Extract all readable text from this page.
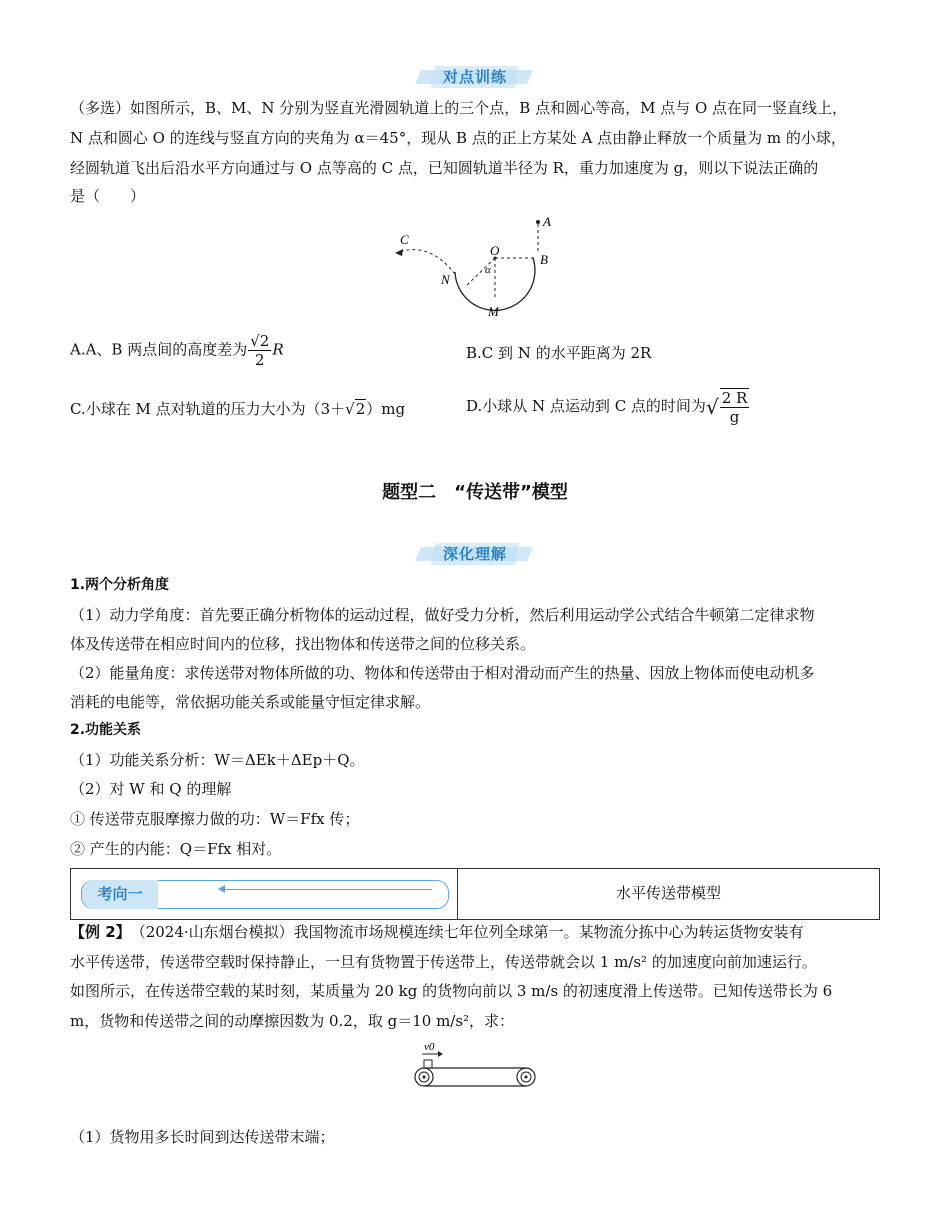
对点训练
（多选）如图所示，B、M、N 分别为竖直光滑圆轨道上的三个点，B 点和圆心等高，M 点与 O 点在同一竖直线上，
N 点和圆心 O 的连线与竖直方向的夹角为 α＝45°，现从 B 点的正上方某处 A 点由静止释放一个质量为 m 的小球，
经圆轨道飞出后沿水平方向通过与 O 点等高的 C 点，已知圆轨道半径为 R，重力加速度为 g，则以下说法正确的
是（　　）
A
B
C
O
N
M
α
A.A、B 两点间的高度差为 $\frac{√2}{2}$ R	B.C 到 N 的水平距离为 2R
C.小球在 M 点对轨道的压力大小为（3＋√2）mg	D.小球从 N 点运动到 C 点的时间为√ $\frac{2 R}{g}$
题型二　“传送带”模型
深化理解
1.两个分析角度
（1）动力学角度：首先要正确分析物体的运动过程，做好受力分析，然后利用运动学公式结合牛顿第二定律求物
体及传送带在相应时间内的位移，找出物体和传送带之间的位移关系。
（2）能量角度：求传送带对物体所做的功、物体和传送带由于相对滑动而产生的热量、因放上物体而使电动机多
消耗的电能等，常依据功能关系或能量守恒定律求解。
2.功能关系
（1）功能关系分析：W＝ΔEk＋ΔEp＋Q。
（2）对 W 和 Q 的理解
① 传送带克服摩擦力做的功：W＝Ffx 传；
② 产生的内能：Q＝Ffx 相对。
考向一	水平传送带模型
【例 2】　 （2024·山东烟台模拟）我国物流市场规模连续七年位列全球第一。某物流分拣中心为转运货物安装有
水平传送带，传送带空载时保持静止，一旦有货物置于传送带上，传送带就会以 1 m/s² 的加速度向前加速运行。
如图所示，在传送带空载的某时刻，某质量为 20 kg 的货物向前以 3 m/s 的初速度滑上传送带。已知传送带长为 6
m，货物和传送带之间的动摩擦因数为 0.2，取 g＝10 m/s²，求：
v0
（1）货物用多长时间到达传送带末端；
